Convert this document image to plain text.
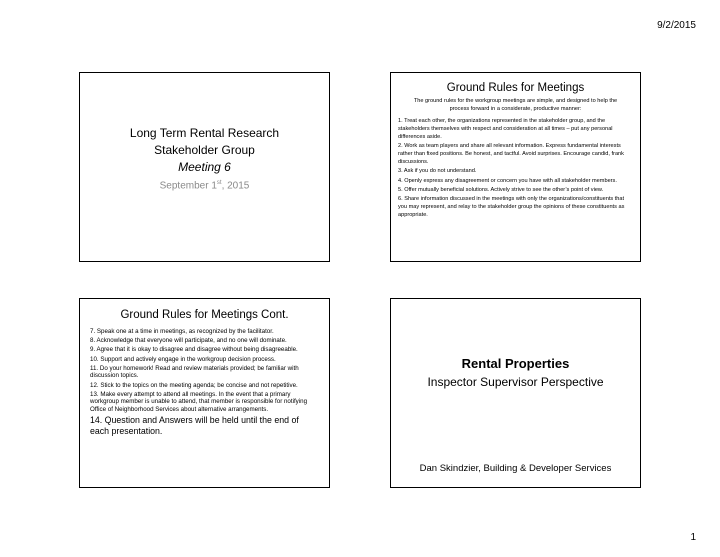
9/2/2015
Long Term Rental Research
Stakeholder Group
Meeting 6
September 1st, 2015
Ground Rules for Meetings
The ground rules for the workgroup meetings are simple, and designed to help the process forward in a considerate, productive manner:
1. Treat each other, the organizations represented in the stakeholder group, and the stakeholders themselves with respect and consideration at all times – put any personal differences aside.
2. Work as team players and share all relevant information. Express fundamental interests rather than fixed positions. Be honest, and tactful. Avoid surprises. Encourage candid, frank discussions.
3. Ask if you do not understand.
4. Openly express any disagreement or concern you have with all stakeholder members.
5. Offer mutually beneficial solutions. Actively strive to see the other’s point of view.
6. Share information discussed in the meetings with only the organizations/constituents that you may represent, and relay to the stakeholder group the opinions of these constituents as appropriate.
Ground Rules for Meetings Cont.
7. Speak one at a time in meetings, as recognized by the facilitator.
8. Acknowledge that everyone will participate, and no one will dominate.
9. Agree that it is okay to disagree and disagree without being disagreeable.
10. Support and actively engage in the workgroup decision process.
11. Do your homework! Read and review materials provided; be familiar with discussion topics.
12. Stick to the topics on the meeting agenda; be concise and not repetitive.
13. Make every attempt to attend all meetings. In the event that a primary workgroup member is unable to attend, that member is responsible for notifying Office of Neighborhood Services about alternative arrangements.
14. Question and Answers will be held until the end of each presentation.
Rental Properties
Inspector Supervisor Perspective
Dan Skindzier, Building & Developer Services
1
